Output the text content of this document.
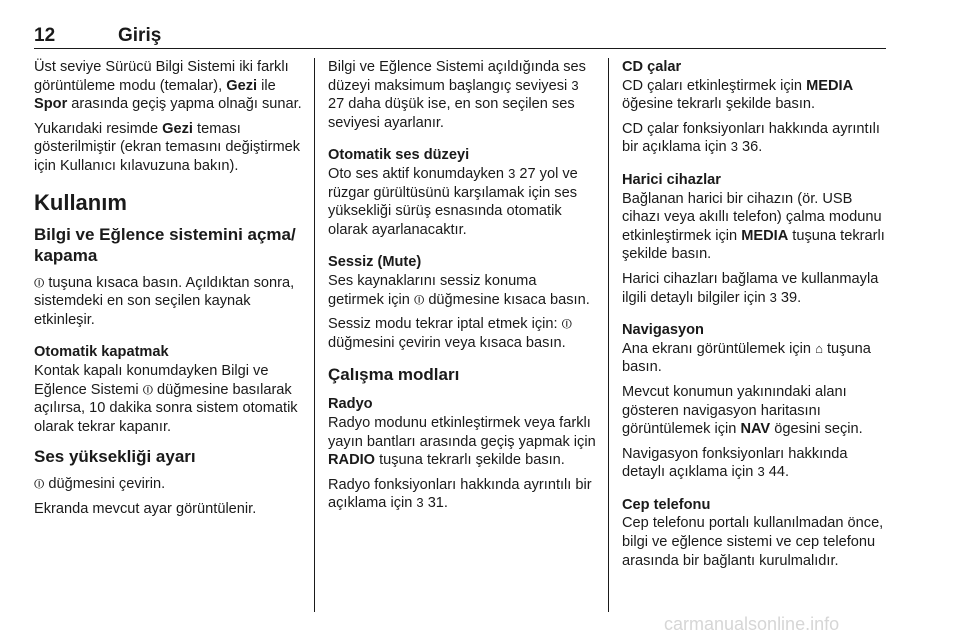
12	Giriş

Üst seviye Sürücü Bilgi Sistemi iki farklı görüntüleme modu (temalar), Gezi ile Spor arasında geçiş yapma olnağı sunar.

Yukarıdaki resimde Gezi teması gösterilmiştir (ekran temasını değiştirmek için Kullanıcı kılavuzuna bakın).

Kullanım
Bilgi ve Eğlence sistemini açma/ kapama

⏼ tuşuna kısaca basın. Açıldıktan sonra, sistemdeki en son seçilen kaynak etkinleşir.

Otomatik kapatmak

Kontak kapalı konumdayken Bilgi ve Eğlence Sistemi ⏼ düğmesine basılarak açılırsa, 10 dakika sonra sistem otomatik olarak tekrar kapanır.

Ses yüksekliği ayarı

⏼ düğmesini çevirin.

Ekranda mevcut ayar görüntülenir.

Bilgi ve Eğlence Sistemi açıldığında ses düzeyi maksimum başlangıç seviyesi 3 27 daha düşük ise, en son seçilen ses seviyesi ayarlanır.

Otomatik ses düzeyi

Oto ses aktif konumdayken 3 27 yol ve rüzgar gürültüsünü karşılamak için ses yüksekliği sürüş esnasında otomatik olarak ayarlanacaktır.

Sessiz (Mute)

Ses kaynaklarını sessiz konuma getirmek için ⏼ düğmesine kısaca basın.

Sessiz modu tekrar iptal etmek için: ⏼ düğmesini çevirin veya kısaca basın.

Çalışma modları
Radyo

Radyo modunu etkinleştirmek veya farklı yayın bantları arasında geçiş yapmak için RADIO tuşuna tekrarlı şekilde basın.

Radyo fonksiyonları hakkında ayrıntılı bir açıklama için 3 31.

CD çalar

CD çaları etkinleştirmek için MEDIA öğesine tekrarlı şekilde basın.

CD çalar fonksiyonları hakkında ayrıntılı bir açıklama için 3 36.

Harici cihazlar

Bağlanan harici bir cihazın (ör. USB cihazı veya akıllı telefon) çalma modunu etkinleştirmek için MEDIA tuşuna tekrarlı şekilde basın.

Harici cihazları bağlama ve kullanmayla ilgili detaylı bilgiler için 3 39.

Navigasyon

Ana ekranı görüntülemek için ⌂ tuşuna basın.

Mevcut konumun yakınındaki alanı gösteren navigasyon haritasını görüntülemek için NAV ögesini seçin.

Navigasyon fonksiyonları hakkında detaylı açıklama için 3 44.

Cep telefonu

Cep telefonu portalı kullanılmadan önce, bilgi ve eğlence sistemi ve cep telefonu arasında bir bağlantı kurulmalıdır.

carmanualsonline.info
